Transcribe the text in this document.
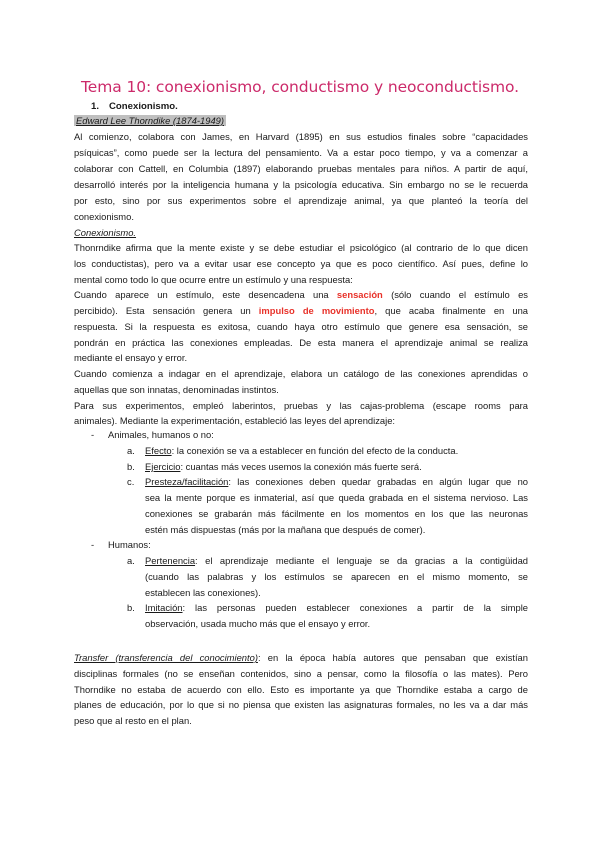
Tema 10: conexionismo, conductismo y neoconductismo.
1. Conexionismo.
Edward Lee Thorndike (1874-1949)
Al comienzo, colabora con James, en Harvard (1895) en sus estudios finales sobre “capacidades
psíquicas”, como puede ser la lectura del pensamiento. Va a estar poco tiempo, y va a comenzar a
colaborar con Cattell, en Columbia (1897) elaborando pruebas mentales para niños. A partir de aquí,
desarrolló interés por la inteligencia humana y la psicología educativa. Sin embargo no se le recuerda
por esto, sino por sus experimentos sobre el aprendizaje animal, ya que planteó la teoría del
conexionismo.
Conexionismo.
Thonrndike afirma que la mente existe y se debe estudiar el psicológico (al contrario de lo que dicen
los conductistas), pero va a evitar usar ese concepto ya que es poco científico. Así pues, define lo
mental como todo lo que ocurre entre un estímulo y una respuesta:
Cuando aparece un estímulo, este desencadena una sensación (sólo cuando el estímulo es
percibido). Esta sensación genera un impulso de movimiento, que acaba finalmente en una
respuesta. Si la respuesta es exitosa, cuando haya otro estímulo que genere esa sensación, se
pondrán en práctica las conexiones empleadas. De esta manera el aprendizaje animal se realiza
mediante el ensayo y error.
Cuando comienza a indagar en el aprendizaje, elabora un catálogo de las conexiones aprendidas o
aquellas que son innatas, denominadas instintos.
Para sus experimentos, empleó laberintos, pruebas y las cajas-problema (escape rooms para
animales). Mediante la experimentación, estableció las leyes del aprendizaje:
- Animales, humanos o no:
a. Efecto: la conexión se va a establecer en función del efecto de la conducta.
b. Ejercicio: cuantas más veces usemos la conexión más fuerte será.
c. Presteza/facilitación: las conexiones deben quedar grabadas en algún lugar que no
sea la mente porque es inmaterial, así que queda grabada en el sistema nervioso. Las
conexiones se grabarán más fácilmente en los momentos en los que las neuronas
estén más dispuestas (más por la mañana que después de comer).
- Humanos:
a. Pertenencia: el aprendizaje mediante el lenguaje se da gracias a la contigüidad
(cuando las palabras y los estímulos se aparecen en el mismo momento, se
establecen las conexiones).
b. Imitación: las personas pueden establecer conexiones a partir de la simple
observación, usada mucho más que el ensayo y error.
Transfer (transferencia del conocimiento): en la época había autores que pensaban que existían
disciplinas formales (no se enseñan contenidos, sino a pensar, como la filosofía o las mates). Pero
Thorndike no estaba de acuerdo con ello. Esto es importante ya que Thorndike estaba a cargo de
planes de educación, por lo que si no piensa que existen las asignaturas formales, no les va a dar más
peso que al resto en el plan.
